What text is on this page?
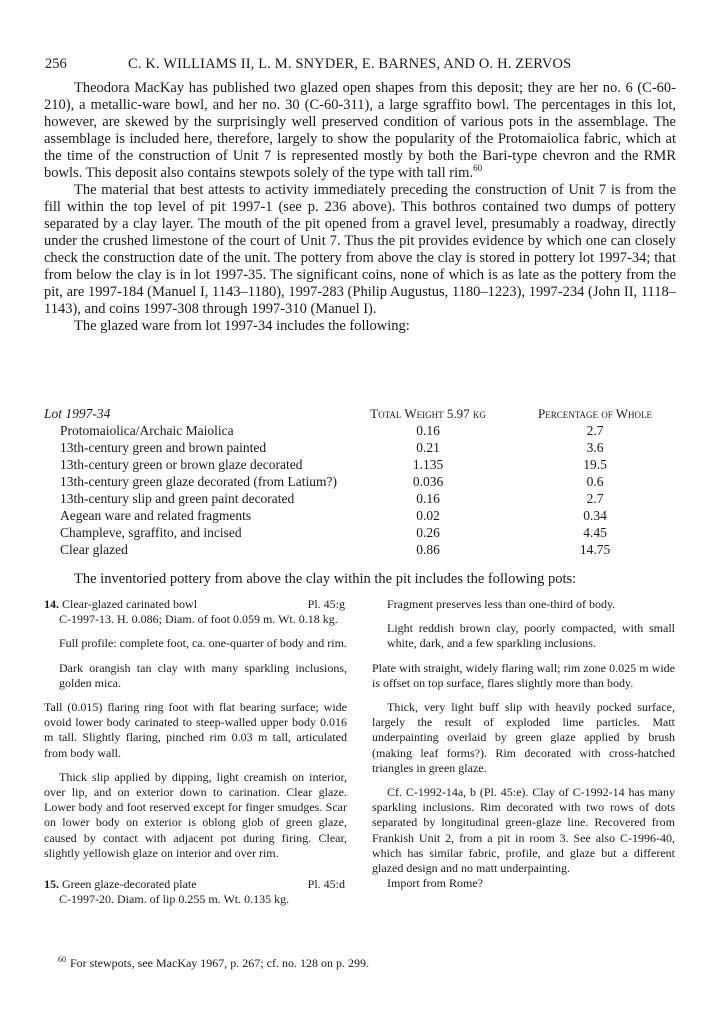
256	C. K. WILLIAMS II, L. M. SNYDER, E. BARNES, AND O. H. ZERVOS

Theodora MacKay has published two glazed open shapes from this deposit; they are her no. 6 (C-60-210), a metallic-ware bowl, and her no. 30 (C-60-311), a large sgraffito bowl. The percentages in this lot, however, are skewed by the surprisingly well preserved condition of various pots in the assemblage. The assemblage is included here, therefore, largely to show the popularity of the Protomaiolica fabric, which at the time of the construction of Unit 7 is represented mostly by both the Bari-type chevron and the RMR bowls. This deposit also contains stewpots solely of the type with tall rim.$^{60}$

The material that best attests to activity immediately preceding the construction of Unit 7 is from the fill within the top level of pit 1997-1 (see p. 236 above). This bothros contained two dumps of pottery separated by a clay layer. The mouth of the pit opened from a gravel level, presumably a roadway, directly under the crushed limestone of the court of Unit 7. Thus the pit provides evidence by which one can closely check the construction date of the unit. The pottery from above the clay is stored in pottery lot 1997-34; that from below the clay is in lot 1997-35. The significant coins, none of which is as late as the pottery from the pit, are 1997-184 (Manuel I, 1143–1180), 1997-283 (Philip Augustus, 1180–1223), 1997-234 (John II, 1118–1143), and coins 1997-308 through 1997-310 (Manuel I).

The glazed ware from lot 1997-34 includes the following:

Lot 1997-34	Total Weight 5.97 kg	Percentage of Whole
Protomaiolica/Archaic Maiolica	0.16	2.7
13th-century green and brown painted	0.21	3.6
13th-century green or brown glaze decorated	1.135	19.5
13th-century green glaze decorated (from Latium?)	0.036	0.6
13th-century slip and green paint decorated	0.16	2.7
Aegean ware and related fragments	0.02	0.34
Champleve, sgraffito, and incised	0.26	4.45
Clear glazed	0.86	14.75
The inventoried pottery from above the clay within the pit includes the following pots:
14. Clear-glazed carinated bowl	Pl. 45:g

C-1997-13. H. 0.086; Diam. of foot 0.059 m. Wt. 0.18 kg.

Full profile: complete foot, ca. one-quarter of body and rim.

Dark orangish tan clay with many sparkling inclusions, golden mica.

Tall (0.015) flaring ring foot with flat bearing surface; wide ovoid lower body carinated to steep-walled upper body 0.016 m tall. Slightly flaring, pinched rim 0.03 m tall, articulated from body wall.

Thick slip applied by dipping, light creamish on interior, over lip, and on exterior down to carination. Clear glaze. Lower body and foot reserved except for finger smudges. Scar on lower body on exterior is oblong glob of green glaze, caused by contact with adjacent pot during firing. Clear, slightly yellowish glaze on interior and over rim.

15. Green glaze-decorated plate	Pl. 45:d

C-1997-20. Diam. of lip 0.255 m. Wt. 0.135 kg.

Fragment preserves less than one-third of body.

Light reddish brown clay, poorly compacted, with small white, dark, and a few sparkling inclusions.

Plate with straight, widely flaring wall; rim zone 0.025 m wide is offset on top surface, flares slightly more than body.

Thick, very light buff slip with heavily pocked surface, largely the result of exploded lime particles. Matt underpainting overlaid by green glaze applied by brush (making leaf forms?). Rim decorated with cross-hatched triangles in green glaze.

Cf. C-1992-14a, b (Pl. 45:e). Clay of C-1992-14 has many sparkling inclusions. Rim decorated with two rows of dots separated by longitudinal green-glaze line. Recovered from Frankish Unit 2, from a pit in room 3. See also C-1996-40, which has similar fabric, profile, and glaze but a different glazed design and no matt underpainting.

Import from Rome?

$^{60}$ For stewpots, see MacKay 1967, p. 267; cf. no. 128 on p. 299.
